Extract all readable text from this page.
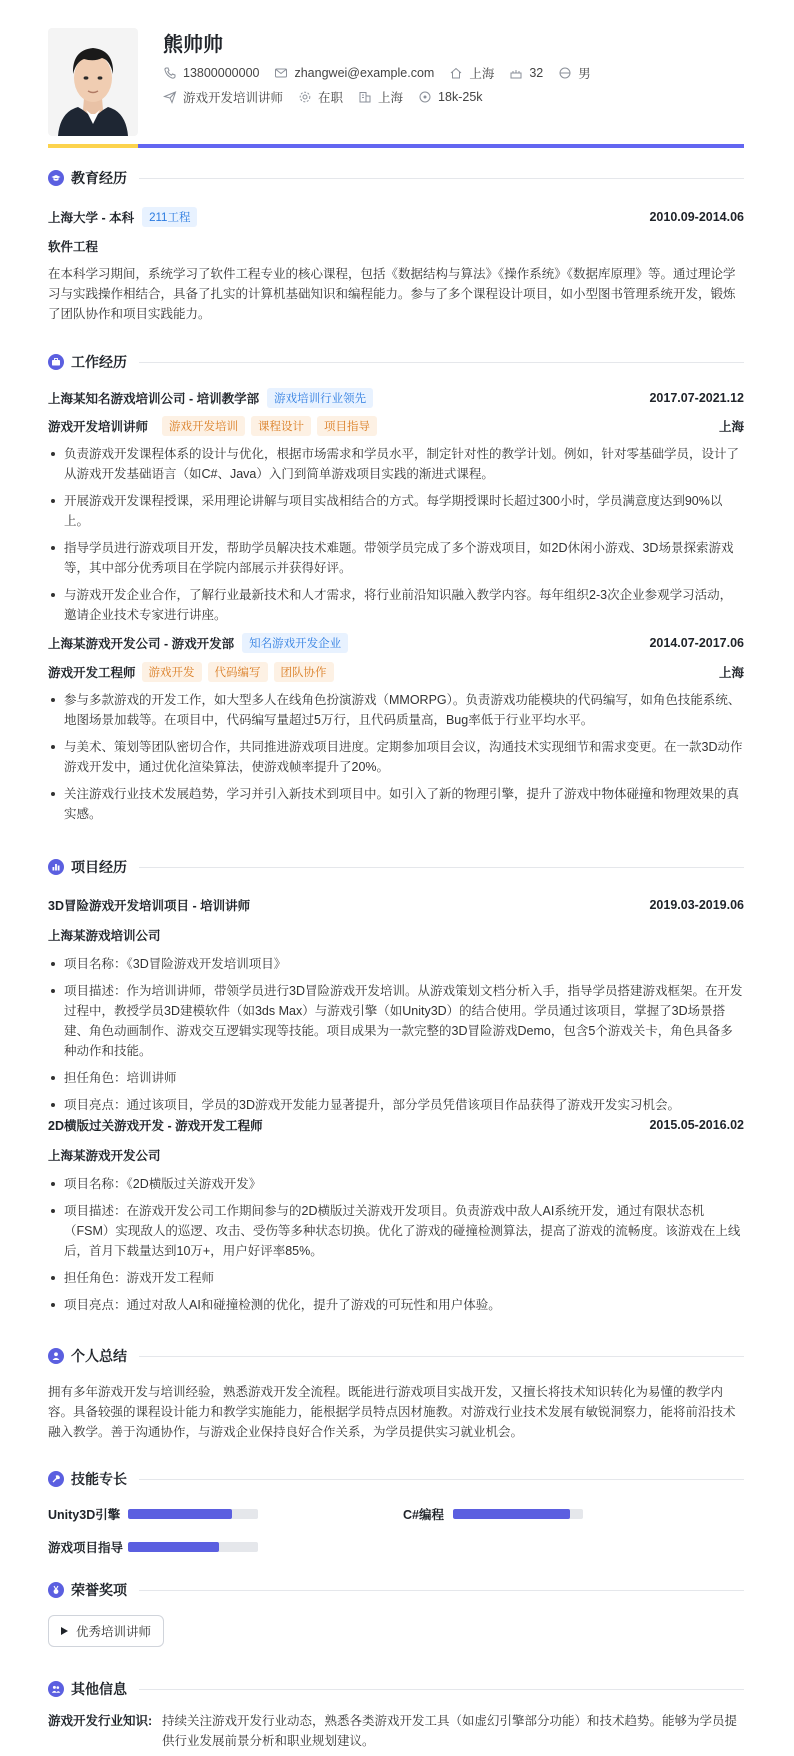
熊帅帅
13800000000	zhangwei@example.com	上海	32	男
游戏开发培训讲师	在职	上海	18k-25k
教育经历
上海大学 - 本科	211工程	2010.09-2014.06
软件工程
在本科学习期间，系统学习了软件工程专业的核心课程，包括《数据结构与算法》《操作系统》《数据库原理》等。通过理论学习与实践操作相结合，具备了扎实的计算机基础知识和编程能力。参与了多个课程设计项目，如小型图书管理系统开发，锻炼了团队协作和项目实践能力。
工作经历
上海某知名游戏培训公司 - 培训教学部	游戏培训行业领先	2017.07-2021.12
游戏开发培训讲师	游戏开发培训	课程设计	项目指导	上海
负责游戏开发课程体系的设计与优化，根据市场需求和学员水平，制定针对性的教学计划。例如，针对零基础学员，设计了从游戏开发基础语言（如C#、Java）入门到简单游戏项目实践的渐进式课程。
开展游戏开发课程授课，采用理论讲解与项目实战相结合的方式。每学期授课时长超过300小时，学员满意度达到90%以上。
指导学员进行游戏项目开发，帮助学员解决技术难题。带领学员完成了多个游戏项目，如2D休闲小游戏、3D场景探索游戏等，其中部分优秀项目在学院内部展示并获得好评。
与游戏开发企业合作，了解行业最新技术和人才需求，将行业前沿知识融入教学内容。每年组织2-3次企业参观学习活动，邀请企业技术专家进行讲座。
上海某游戏开发公司 - 游戏开发部	知名游戏开发企业	2014.07-2017.06
游戏开发工程师	游戏开发	代码编写	团队协作	上海
参与多款游戏的开发工作，如大型多人在线角色扮演游戏（MMORPG）。负责游戏功能模块的代码编写，如角色技能系统、地图场景加载等。在项目中，代码编写量超过5万行，且代码质量高，Bug率低于行业平均水平。
与美术、策划等团队密切合作，共同推进游戏项目进度。定期参加项目会议，沟通技术实现细节和需求变更。在一款3D动作游戏开发中，通过优化渲染算法，使游戏帧率提升了20%。
关注游戏行业技术发展趋势，学习并引入新技术到项目中。如引入了新的物理引擎，提升了游戏中物体碰撞和物理效果的真实感。
项目经历
3D冒险游戏开发培训项目 - 培训讲师	2019.03-2019.06
上海某游戏培训公司
项目名称：《3D冒险游戏开发培训项目》
项目描述：作为培训讲师，带领学员进行3D冒险游戏开发培训。从游戏策划文档分析入手，指导学员搭建游戏框架。在开发过程中，教授学员3D建模软件（如3ds Max）与游戏引擎（如Unity3D）的结合使用。学员通过该项目，掌握了3D场景搭建、角色动画制作、游戏交互逻辑实现等技能。项目成果为一款完整的3D冒险游戏Demo，包含5个游戏关卡，角色具备多种动作和技能。
担任角色：培训讲师
项目亮点：通过该项目，学员的3D游戏开发能力显著提升，部分学员凭借该项目作品获得了游戏开发实习机会。
2D横版过关游戏开发 - 游戏开发工程师	2015.05-2016.02
上海某游戏开发公司
项目名称：《2D横版过关游戏开发》
项目描述：在游戏开发公司工作期间参与的2D横版过关游戏开发项目。负责游戏中敌人AI系统开发，通过有限状态机（FSM）实现敌人的巡逻、攻击、受伤等多种状态切换。优化了游戏的碰撞检测算法，提高了游戏的流畅度。该游戏在上线后，首月下载量达到10万+，用户好评率85%。
担任角色：游戏开发工程师
项目亮点：通过对敌人AI和碰撞检测的优化，提升了游戏的可玩性和用户体验。
个人总结
拥有多年游戏开发与培训经验，熟悉游戏开发全流程。既能进行游戏项目实战开发，又擅长将技术知识转化为易懂的教学内容。具备较强的课程设计能力和教学实施能力，能根据学员特点因材施教。对游戏行业技术发展有敏锐洞察力，能将前沿技术融入教学。善于沟通协作，与游戏企业保持良好合作关系，为学员提供实习就业机会。
技能专长
Unity3D引擎	C#编程
游戏项目指导
荣誉奖项
优秀培训讲师
其他信息
游戏开发行业知识: 持续关注游戏开发行业动态，熟悉各类游戏开发工具（如虚幻引擎部分功能）和技术趋势。能够为学员提供行业发展前景分析和职业规划建议。
